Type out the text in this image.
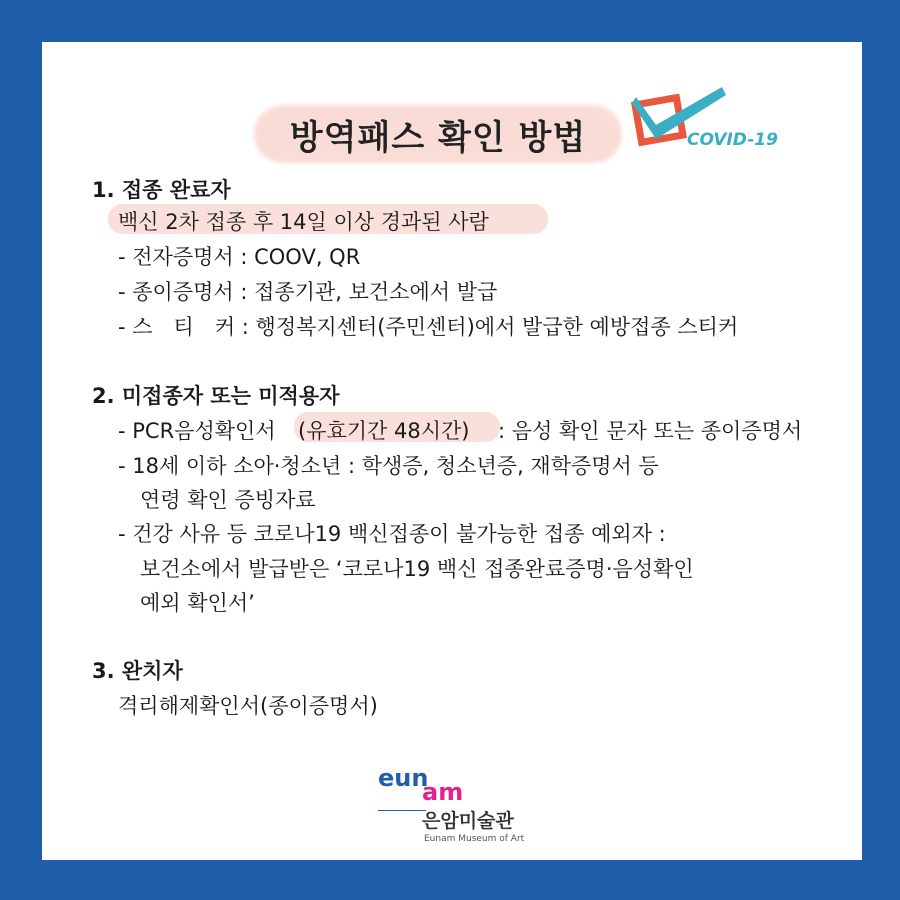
방역패스 확인 방법	COVID-19
1. 접종 완료자
백신 2차 접종 후 14일 이상 경과된 사람
- 전자증명서 : COOV, QR
- 종이증명서 : 접종기관, 보건소에서 발급
- 스　티　커 : 행정복지센터(주민센터)에서 발급한 예방접종 스티커
2. 미접종자 또는 미적용자
- PCR음성확인서 (유효기간 48시간) : 음성 확인 문자 또는 종이증명서
- 18세 이하 소아·청소년 : 학생증, 청소년증, 재학증명서 등
연령 확인 증빙자료
- 건강 사유 등 코로나19 백신접종이 불가능한 접종 예외자 :
보건소에서 발급받은 ‘코로나19 백신 접종완료증명·음성확인
예외 확인서’
3. 완치자
격리해제확인서(종이증명서)
eun
am
은암미술관
Eunam Museum of Art
